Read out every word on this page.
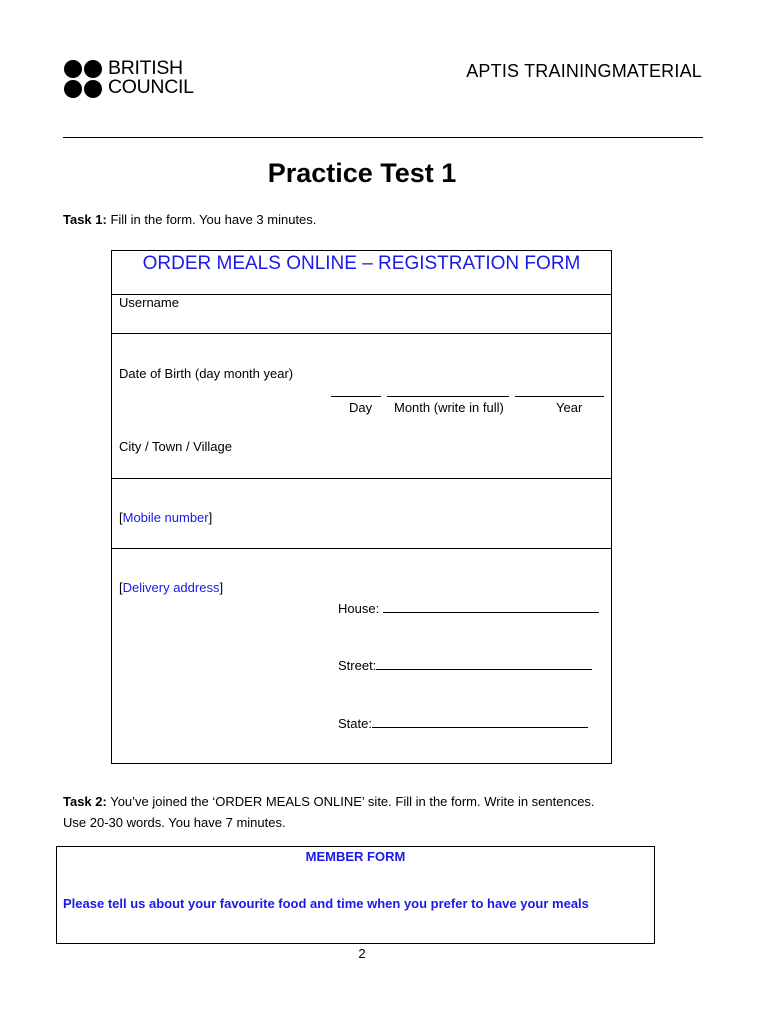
BRITISH
COUNCIL
APTIS TRAININGMATERIAL
Practice Test 1
Task 1: Fill in the form. You have 3 minutes.
ORDER MEALS ONLINE – REGISTRATION FORM
Username
Date of Birth (day month year)
Day Month (write in full)	Year
City / Town / Village
[Mobile number]
[Delivery address]
House:
Street:
State:
Task 2: You’ve joined the ‘ORDER MEALS ONLINE’ site. Fill in the form. Write in sentences.
Use 20-30 words. You have 7 minutes.
MEMBER FORM
Please tell us about your favourite food and time when you prefer to have your meals
2
